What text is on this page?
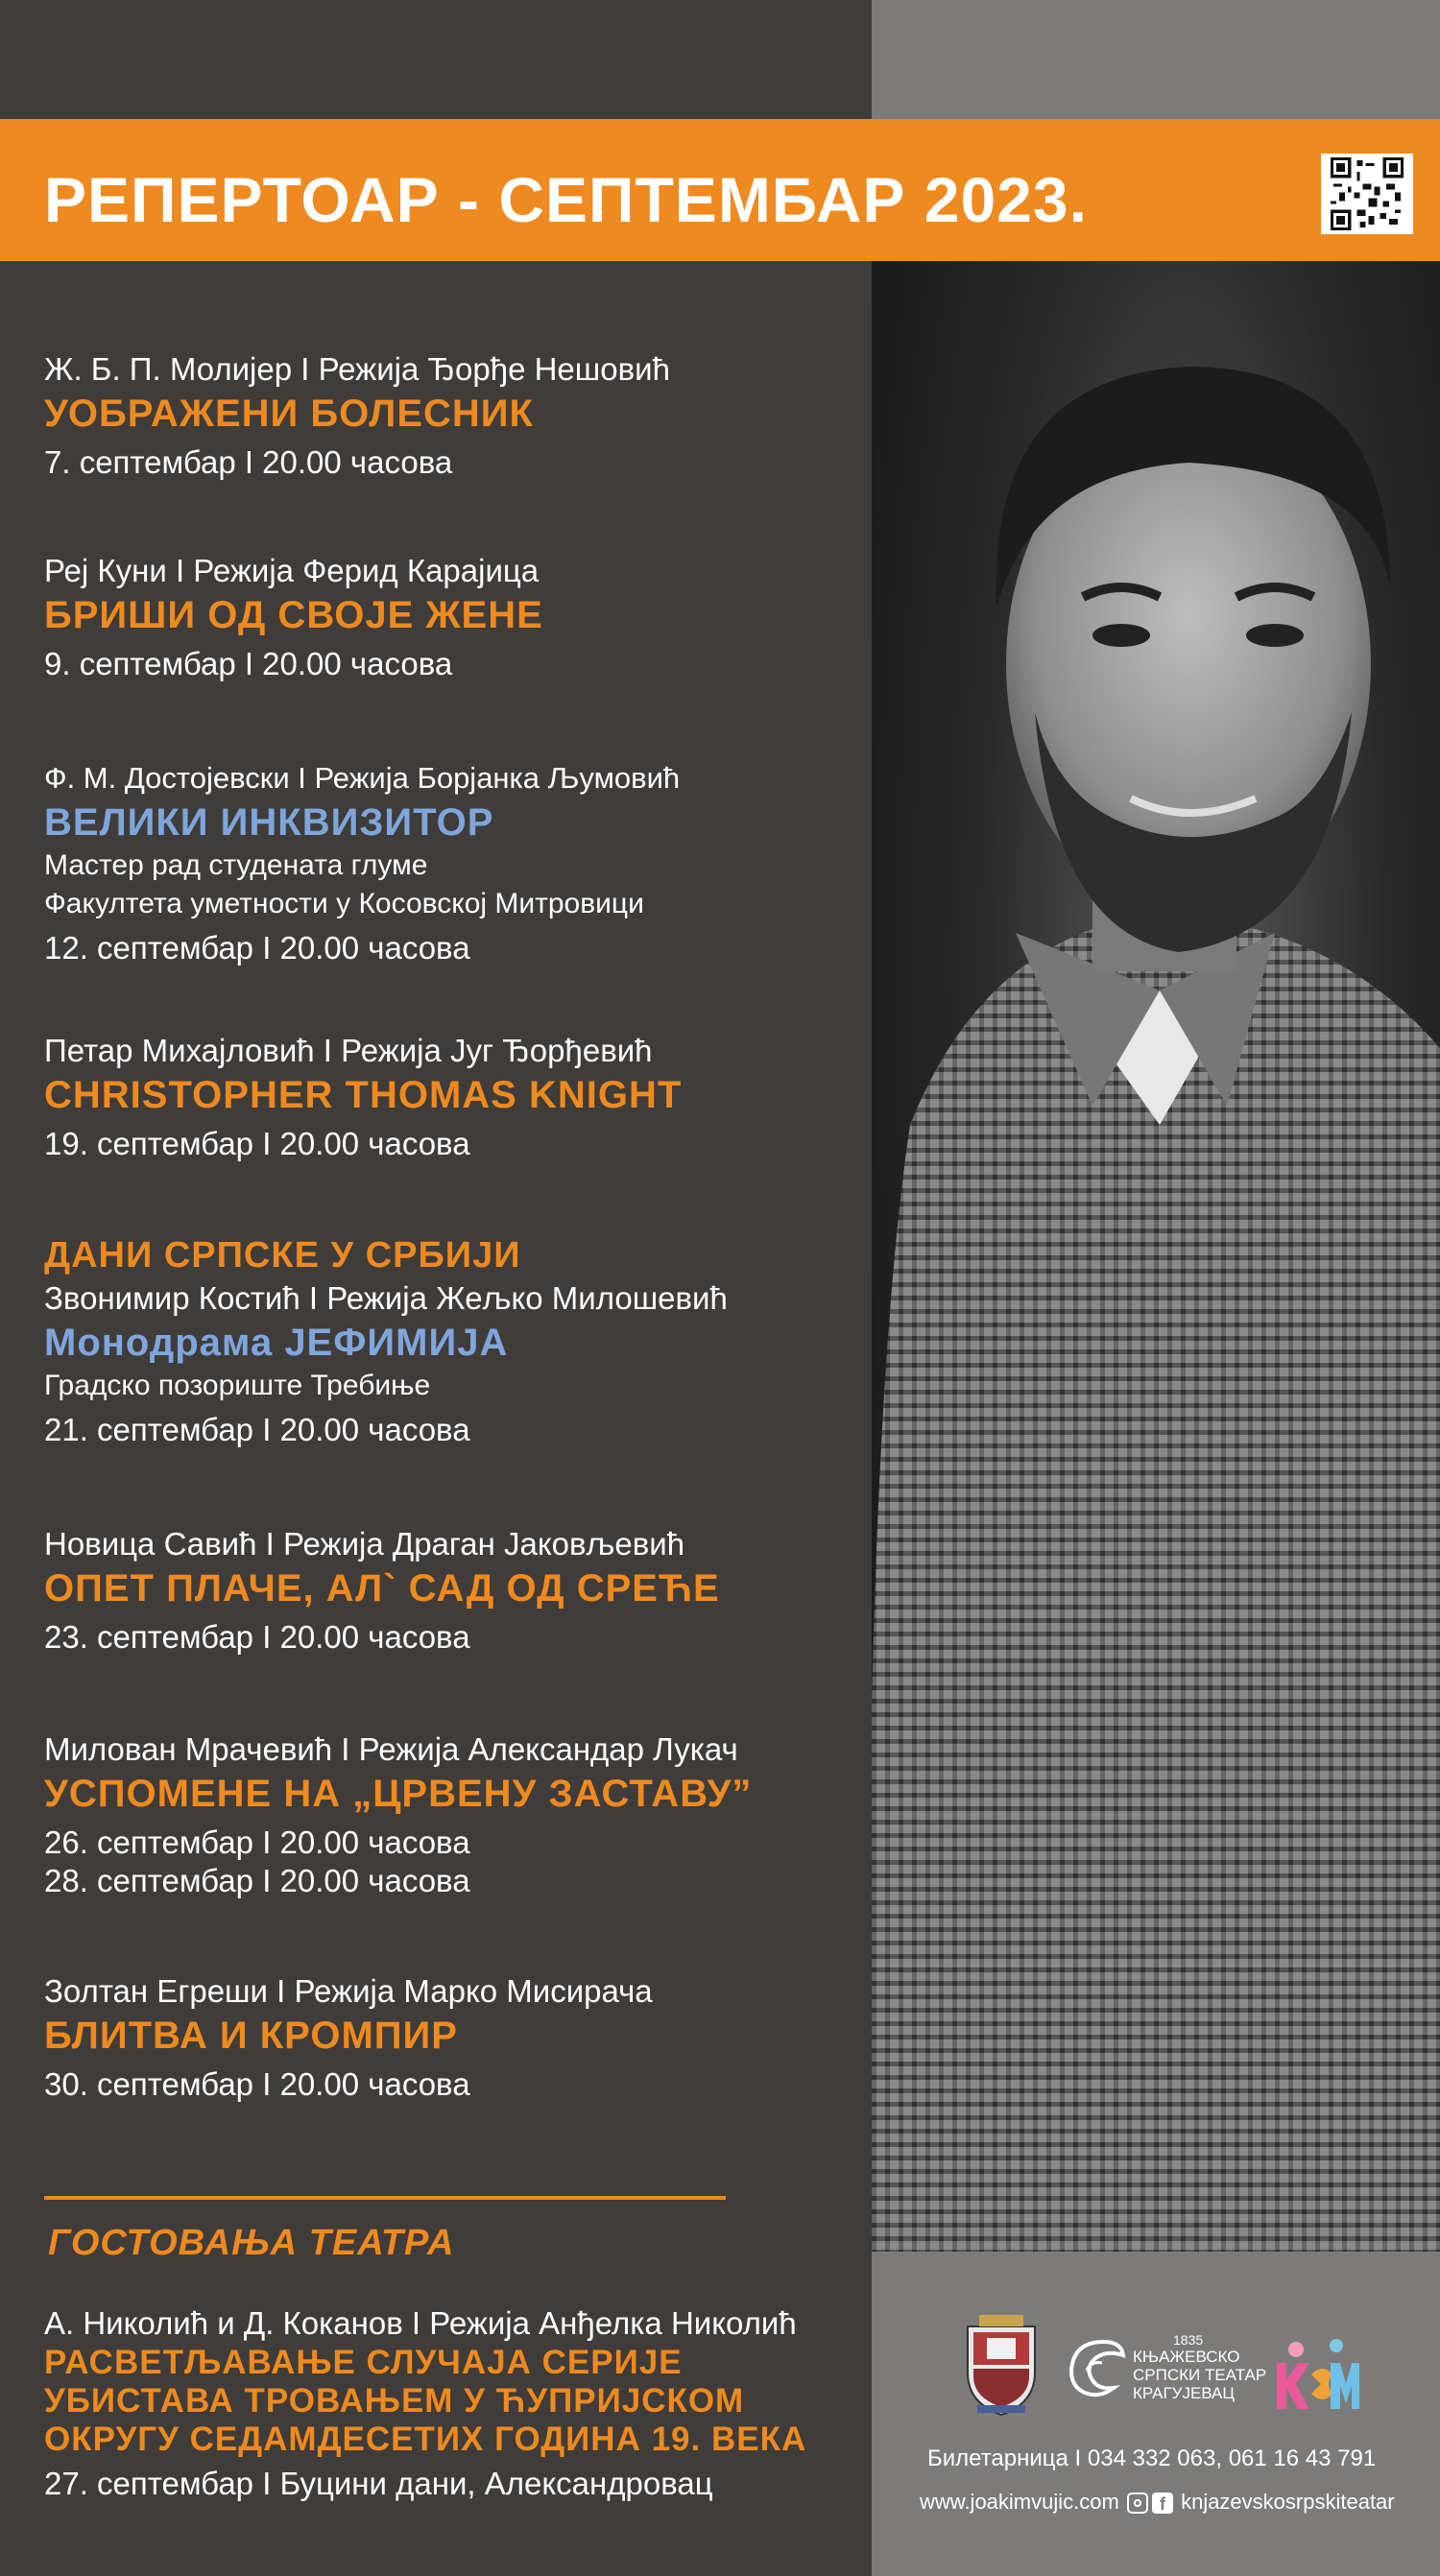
РЕПЕРТОАР - СЕПТЕМБАР 2023.
Ж. Б. П. Молијер I Режија Ђорђе Нешовић
УОБРАЖЕНИ БОЛЕСНИК
7. септембар I 20.00 часова
Реј Куни I Режија Ферид Карајица
БРИШИ ОД СВОЈЕ ЖЕНЕ
9. септембар I 20.00 часова
Ф. М. Достојевски I Режија Борјанка Љумовић
ВЕЛИКИ ИНКВИЗИТОР
Мастер рад студената глуме
Факултета уметности у Косовској Митровици
12. септембар I 20.00 часова
Петар Михајловић I Режија Југ Ђорђевић
CHRISTOPHER THOMAS KNIGHT
19. септембар I 20.00 часова
ДАНИ СРПСКЕ У СРБИЈИ
Звонимир Костић I Режија Жељко Милошевић
Монодрама ЈЕФИМИЈА
Градско позориште Требиње
21. септембар I 20.00 часова
Новица Савић I Режија Драган Јаковљевић
ОПЕТ ПЛАЧЕ, АЛ` САД ОД СРЕЋЕ
23. септембар I 20.00 часова
Милован Мрачевић I Режија Александар Лукач
УСПОМЕНЕ НА „ЦРВЕНУ ЗАСТАВУ”
26. септембар I 20.00 часова
28. септембар I 20.00 часова
Золтан Егреши I Режија Марко Мисирача
БЛИТВА И КРОМПИР
30. септембар I 20.00 часова
ГОСТОВАЊА ТЕАТРА
А. Николић и Д. Коканов I Режија Анђелка Николић
РАСВЕТЉАВАЊЕ СЛУЧАЈА СЕРИЈЕ
УБИСТАВА ТРОВАЊЕМ У ЋУПРИЈСКОМ
ОКРУГУ СЕДАМДЕСЕТИХ ГОДИНА 19. ВЕКА
27. септембар I Буцини дани, Александровац
1835
КЊАЖЕВСКО
СРПСКИ ТЕАТАР
КРАГУЈЕВАЦ
Билетарница I 034 332 063, 061 16 43 791
www.joakimvujic.com f knjazevskosrpskiteatar
